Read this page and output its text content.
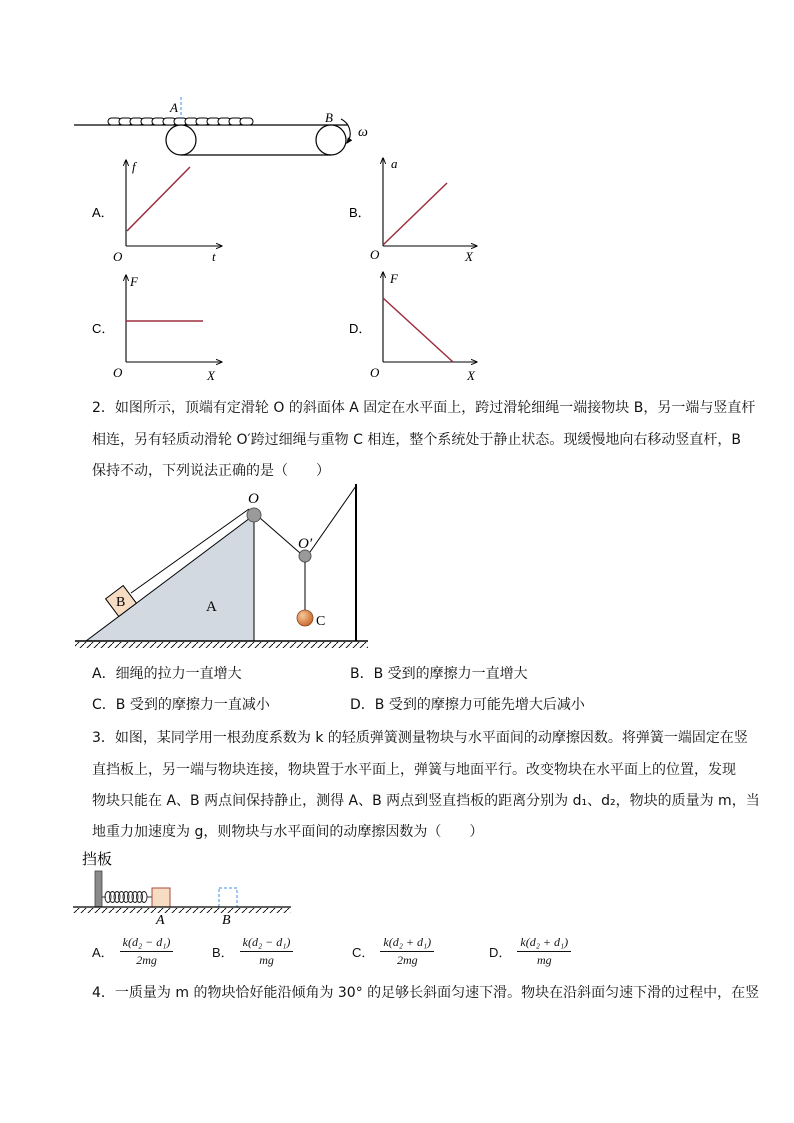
A
B
ω
A．
f
O	t
B．
a
O	X
C．
F
O	X
D．
F
O	X
O
O′
C
A
B
挡板
A	B
2．如图所示，顶端有定滑轮 O 的斜面体 A 固定在水平面上，跨过滑轮细绳一端接物块 B，另一端与竖直杆
相连，另有轻质动滑轮 O′跨过细绳与重物 C 相连，整个系统处于静止状态。现缓慢地向右移动竖直杆，B
保持不动，下列说法正确的是（　　）
A．细绳的拉力一直增大	B．B 受到的摩擦力一直增大
C．B 受到的摩擦力一直减小	D．B 受到的摩擦力可能先增大后减小
3．如图，某同学用一根劲度系数为 k 的轻质弹簧测量物块与水平面间的动摩擦因数。将弹簧一端固定在竖
直挡板上，另一端与物块连接，物块置于水平面上，弹簧与地面平行。改变物块在水平面上的位置，发现
物块只能在 A、B 两点间保持静止，测得 A、B 两点到竖直挡板的距离分别为 d₁、d₂，物块的质量为 m，当
地重力加速度为 g，则物块与水平面间的动摩擦因数为（　　）
A． $\frac{\text{k(d₂ − d₁)}}{2mg}$	B． $\frac{\text{k(d₂ − d₁)}}{mg}$	C． $\frac{\text{k(d₂ + d₁)}}{2mg}$	D． $\frac{\text{k(d₂ + d₁)}}{mg}$
4．一质量为 m 的物块恰好能沿倾角为 30° 的足够长斜面匀速下滑。物块在沿斜面匀速下滑的过程中，在竖
